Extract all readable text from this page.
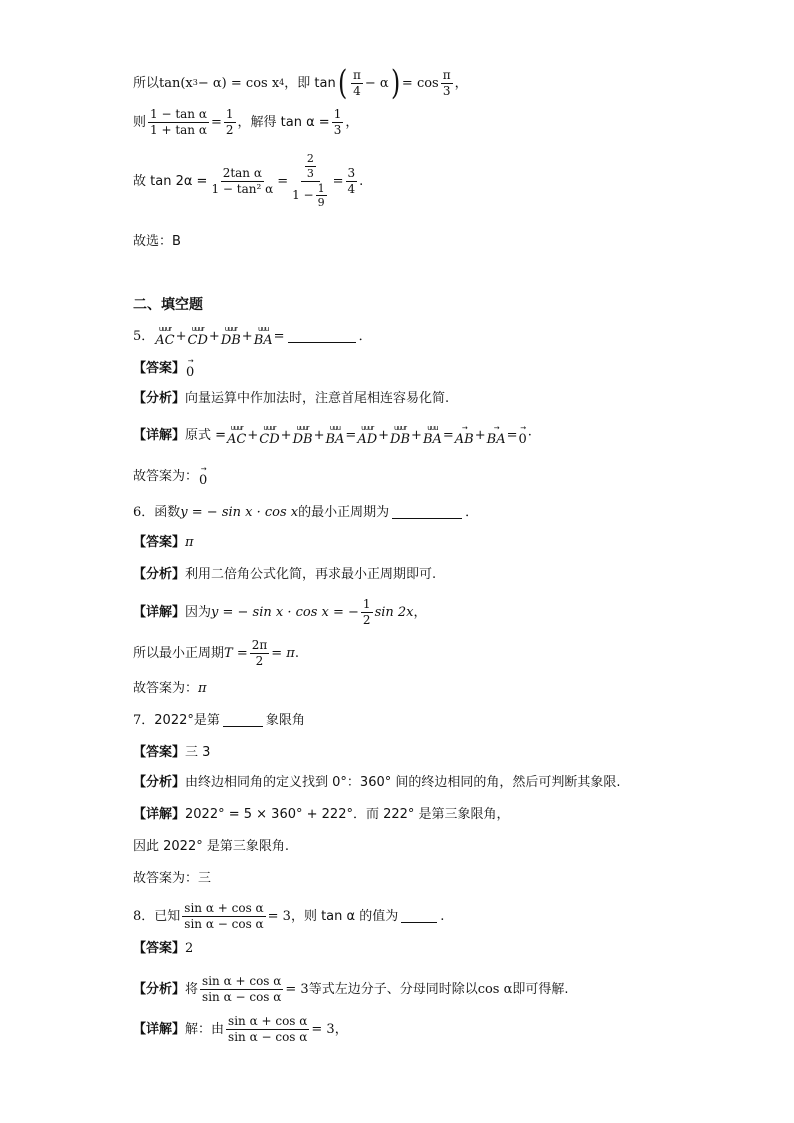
所以 tan(x 3 − α) = cos x 4 ，即 tan ( $\frac{\pi}{4} - \alpha$ ) = $\cos \frac{\pi}{3}$ ，
则 $\frac{\text{1 − tan α}}{\text{1 + tan α}} = \frac{1}{2}$ ，解得 $\tan \alpha = \frac{1}{3}$ ，
故 $\tan 2\alpha = \frac{\text{2tan α}}{\text{1 − tan² α}} = \frac{\frac{2}{3}}{1 - \frac{1}{9}} = \frac{3}{4}$ .
故选：B
二、填空题
5． uuur
AC + uuur
CD + uuur
DB + uuu
BA =	．
【答案】 →
0
【分析】 向量运算中作加法时，注意首尾相连容易化简.
【详解】 原式 = uuur
AC + uuur
CD + uuur
DB + uuu
BA = uuur
AD + uuur
DB + uuu
BA = →
AB + →
BA = →
0 ·
故答案为： →
0
6． 函数 y = − sin x · cos x 的最小正周期为	．
【答案】 π
【分析】 利用二倍角公式化简，再求最小正周期即可.
【详解】 因为 y = − sin x · cos x = − $\frac{1}{2}$ sin 2x ，
所以最小正周期 $T = \frac{2\pi}{2} = \pi$ .
故答案为： π
7． 2022°是第	象限角
【答案】 三 3
【分析】 由终边相同角的定义找到 0°：360° 间的终边相同的角，然后可判断其象限.
【详解】 2022° = 5 × 360° + 222°．而 222° 是第三象限角，
因此 2022° 是第三象限角.
故答案为：三
8． 已知 $\frac{\text{sin α + cos α}}{\text{sin α − cos α}} = 3$ ，则 tan α 的值为	.
【答案】 2
【分析】 将 $\frac{\text{sin α + cos α}}{\text{sin α − cos α}} = 3$ 等式左边分子、分母同时除以 cos α 即可得解.
【详解】 解：由 $\frac{\text{sin α + cos α}}{\text{sin α − cos α}} = 3$ ，
